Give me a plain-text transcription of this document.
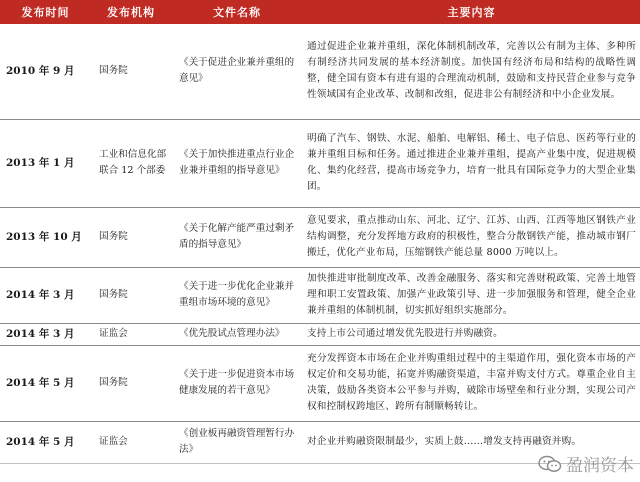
发布时间	发布机构	文件名称	主要内容
2010 年 9 月	国务院	《关于促进企业兼并重组的意见》	通过促进企业兼并重组，深化体制机制改革，完善以公有制为主体、多种所有制经济共同发展的基本经济制度。加快国有经济布局和结构的战略性调整，健全国有资本有进有退的合理流动机制，鼓励和支持民营企业参与竞争性领域国有企业改革、改制和改组，促进非公有制经济和中小企业发展。
2013 年 1 月	工业和信息化部联合 12 个部委	《关于加快推进重点行业企业兼并重组的指导意见》	明确了汽车、钢铁、水泥、船舶、电解铝、稀土、电子信息、医药等行业的兼并重组目标和任务。通过推进企业兼并重组，提高产业集中度，促进规模化、集约化经营，提高市场竞争力，培育一批具有国际竞争力的大型企业集团。
2013 年 10 月	国务院	《关于化解产能严重过剩矛盾的指导意见》	意见要求，重点推动山东、河北、辽宁、江苏、山西、江西等地区钢铁产业结构调整，充分发挥地方政府的积极性，整合分散钢铁产能，推动城市钢厂搬迁，优化产业布局，压缩钢铁产能总量 8000 万吨以上。
2014 年 3 月	国务院	《关于进一步优化企业兼并重组市场环境的意见》	加快推进审批制度改革、改善金融服务、落实和完善财税政策、完善土地管理和职工安置政策、加强产业政策引导、进一步加强服务和管理，健全企业兼并重组的体制机制，切实抓好组织实施部分。
2014 年 3 月	证监会	《优先股试点管理办法》	支持上市公司通过增发优先股进行并购融资。
2014 年 5 月	国务院	《关于进一步促进资本市场健康发展的若干意见》	充分发挥资本市场在企业并购重组过程中的主渠道作用，强化资本市场的产权定价和交易功能，拓宽并购融资渠道，丰富并购支付方式。尊重企业自主决策，鼓励各类资本公平参与并购，破除市场壁垒和行业分割，实现公司产权和控制权跨地区、跨所有制顺畅转让。
2014 年 5 月	证监会	《创业板再融资管理暂行办法》	对企业并购融资限制最少，实质上鼓……增发支持再融资并购。
盈润资本
